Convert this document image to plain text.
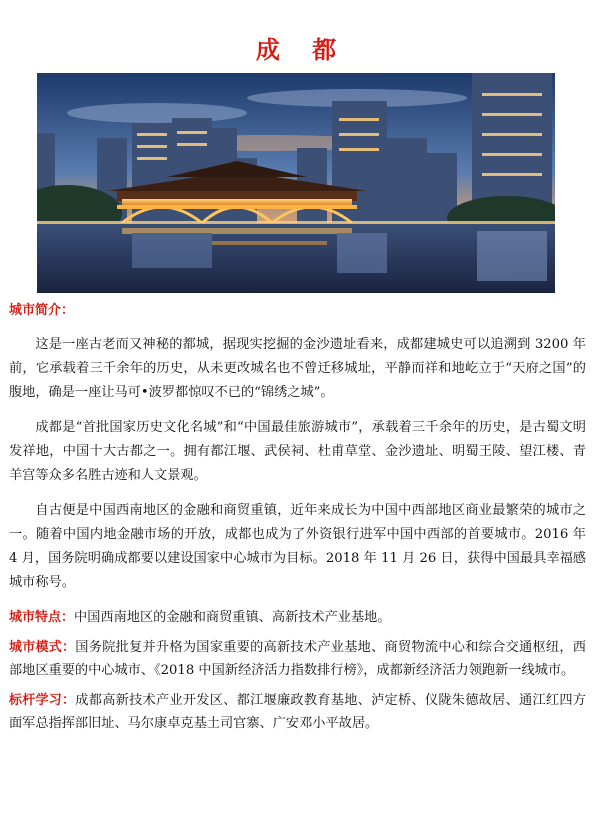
成 都
城市简介：

这是一座古老而又神秘的都城，据现实挖掘的金沙遗址看来，成都建城史可以追溯到 3200 年前，它承载着三千余年的历史，从未更改城名也不曾迁移城址，平静而祥和地屹立于“天府之国”的腹地，确是一座让马可•波罗都惊叹不已的“锦绣之城”。

成都是“首批国家历史文化名城”和“中国最佳旅游城市”，承载着三千余年的历史，是古蜀文明发祥地，中国十大古都之一。拥有都江堰、武侯祠、杜甫草堂、金沙遗址、明蜀王陵、望江楼、青羊宫等众多名胜古迹和人文景观。

自古便是中国西南地区的金融和商贸重镇，近年来成长为中国中西部地区商业最繁荣的城市之一。随着中国内地金融市场的开放，成都也成为了外资银行进军中国中西部的首要城市。2016 年 4 月，国务院明确成都要以建设国家中心城市为目标。2018 年 11 月 26 日，获得中国最具幸福感城市称号。

城市特点：中国西南地区的金融和商贸重镇、高新技术产业基地。

城市模式：国务院批复并升格为国家重要的高新技术产业基地、商贸物流中心和综合交通枢纽，西部地区重要的中心城市、《2018 中国新经济活力指数排行榜》，成都新经济活力领跑新一线城市。

标杆学习：成都高新技术产业开发区、都江堰廉政教育基地、泸定桥、仪陇朱德故居、通江红四方面军总指挥部旧址、马尔康卓克基土司官寨、广安邓小平故居。
